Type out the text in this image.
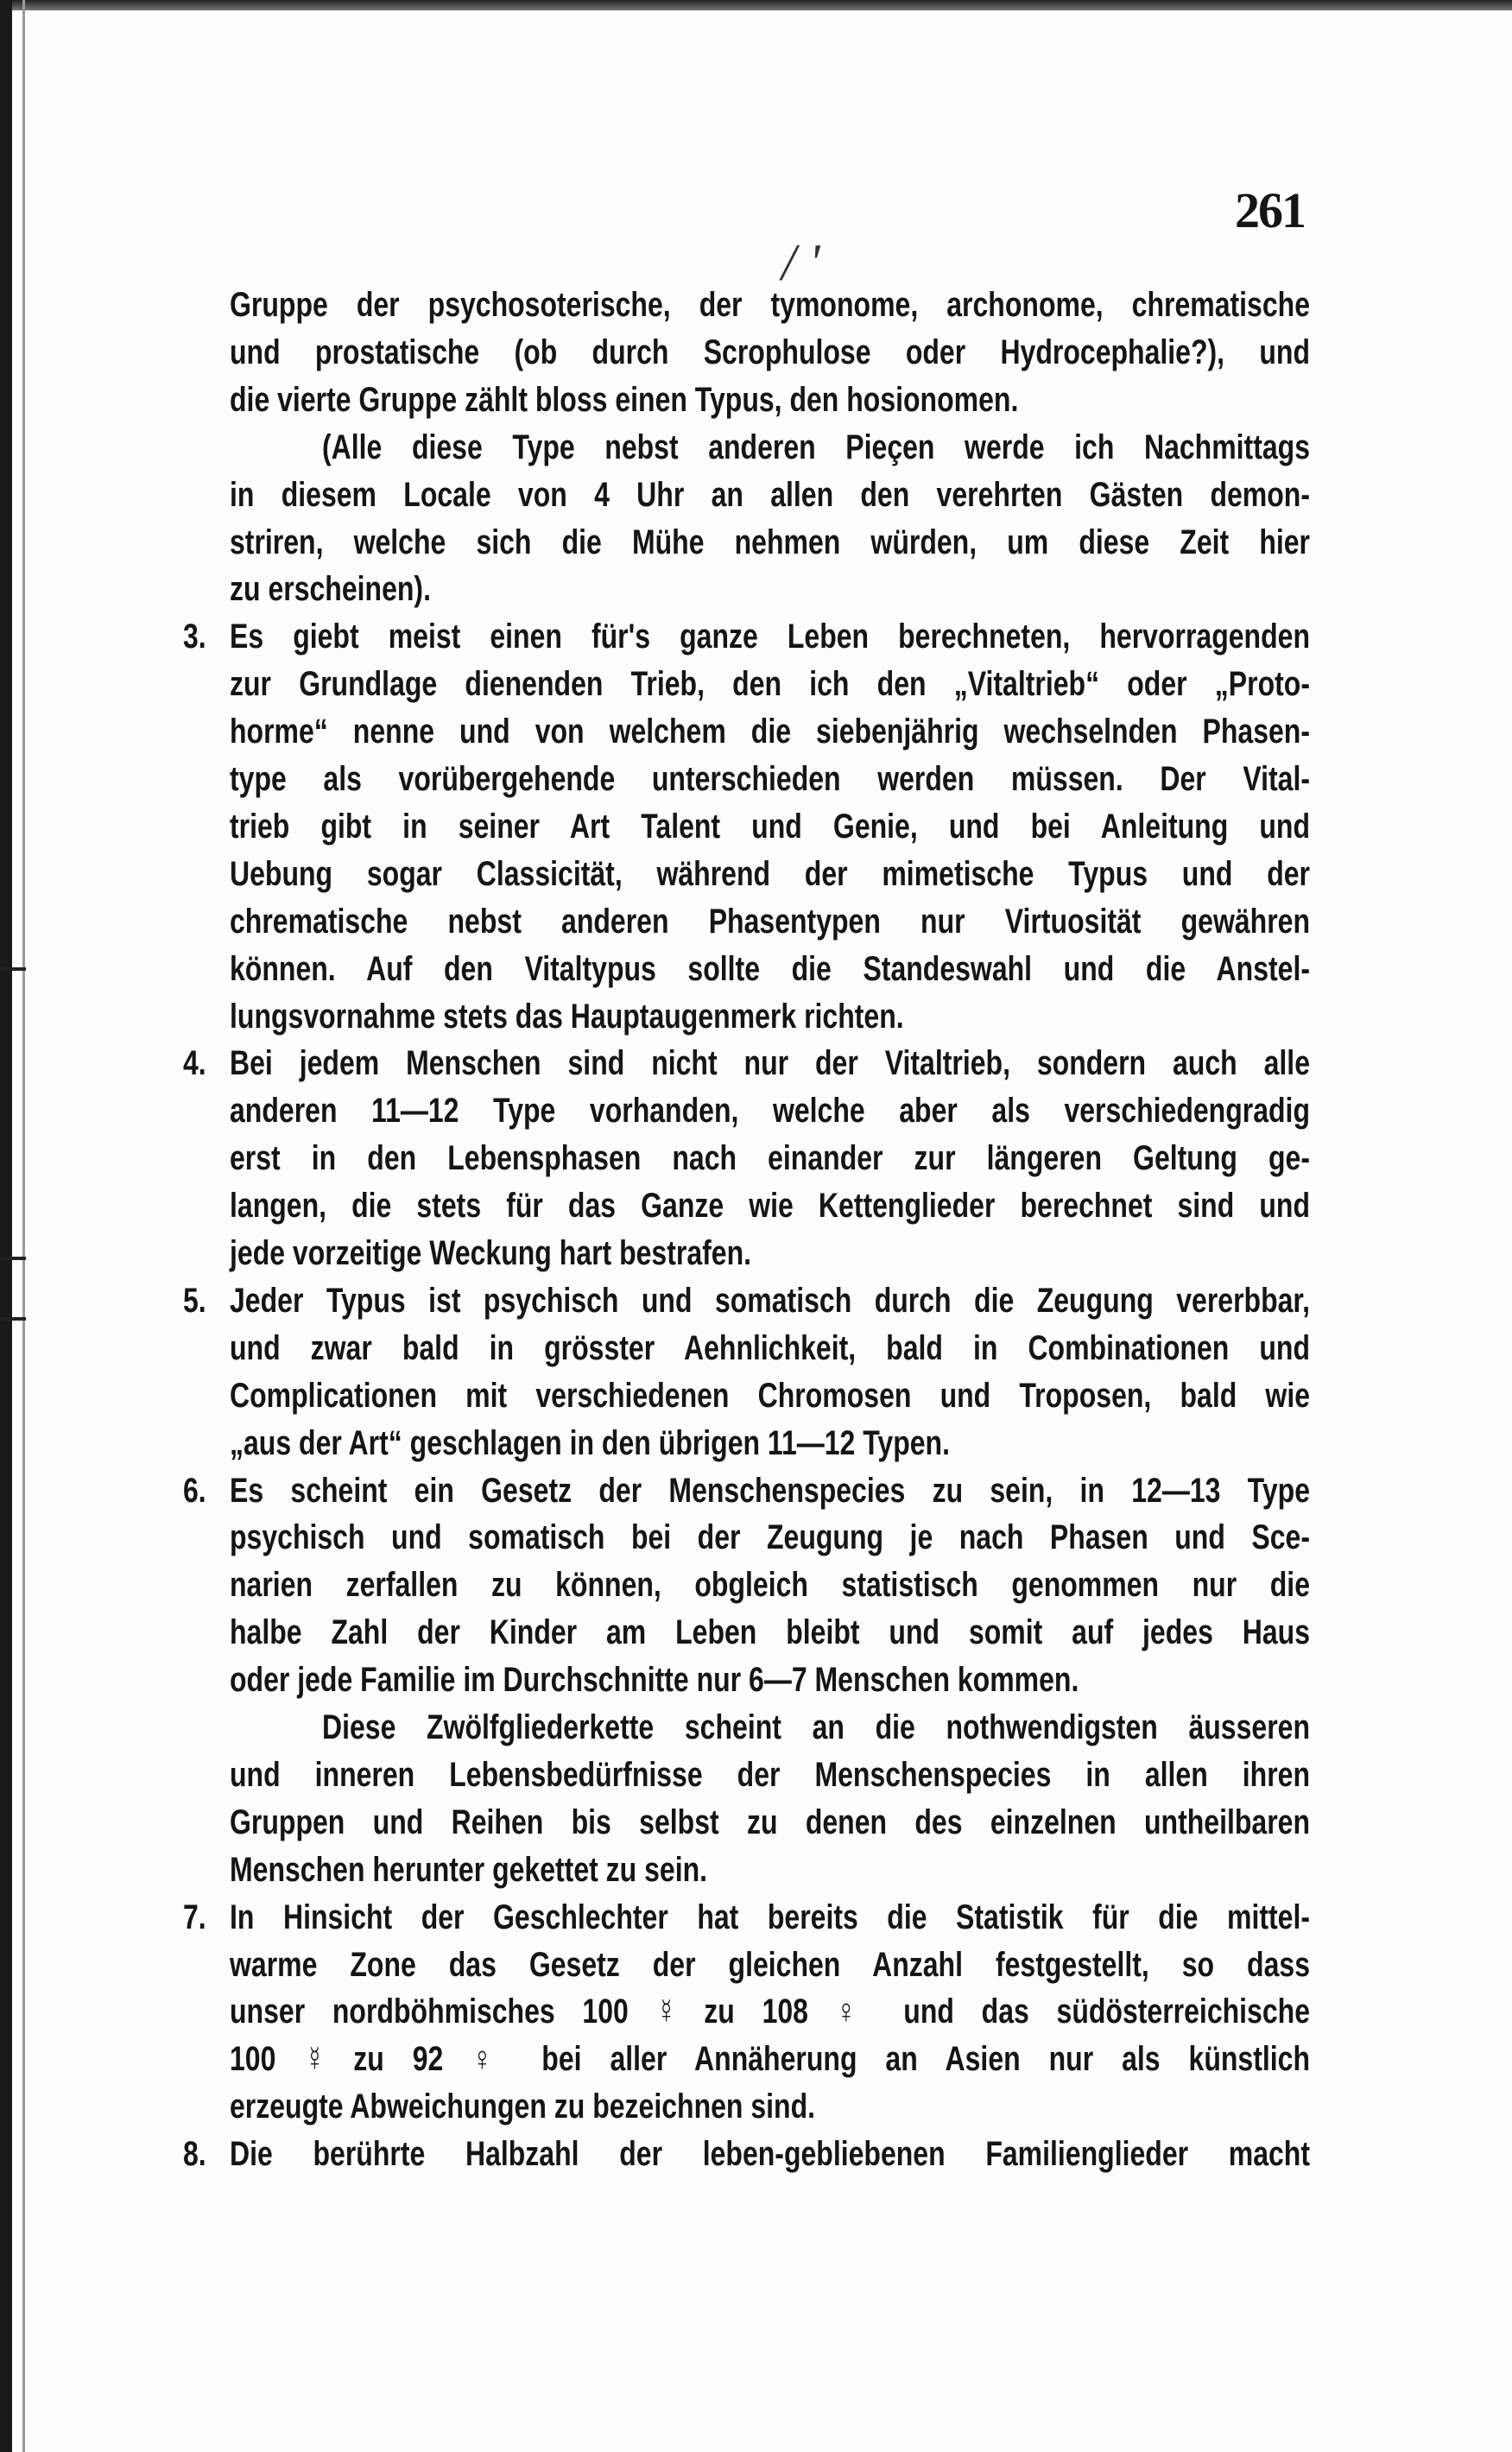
261
/ '
Gruppe der psychosoterische, der tymonome, archonome, chrematische
und prostatische (ob durch Scrophulose oder Hydrocephalie?), und
die vierte Gruppe zählt bloss einen Typus, den hosionomen.
(Alle diese Type nebst anderen Pieçen werde ich Nachmittags
in diesem Locale von 4 Uhr an allen den verehrten Gästen demon-
striren, welche sich die Mühe nehmen würden, um diese Zeit hier
zu erscheinen).
3. Es giebt meist einen für's ganze Leben berechneten, hervorragenden
zur Grundlage dienenden Trieb, den ich den „Vitaltrieb“ oder „Proto-
horme“ nenne und von welchem die siebenjährig wechselnden Phasen-
type als vorübergehende unterschieden werden müssen. Der Vital-
trieb gibt in seiner Art Talent und Genie, und bei Anleitung und
Uebung sogar Classicität, während der mimetische Typus und der
chrematische nebst anderen Phasentypen nur Virtuosität gewähren
können. Auf den Vitaltypus sollte die Standeswahl und die Anstel-
lungsvornahme stets das Hauptaugenmerk richten.
4. Bei jedem Menschen sind nicht nur der Vitaltrieb, sondern auch alle
anderen 11—12 Type vorhanden, welche aber als verschiedengradig
erst in den Lebensphasen nach einander zur längeren Geltung ge-
langen, die stets für das Ganze wie Kettenglieder berechnet sind und
jede vorzeitige Weckung hart bestrafen.
5. Jeder Typus ist psychisch und somatisch durch die Zeugung vererbbar,
und zwar bald in grösster Aehnlichkeit, bald in Combinationen und
Complicationen mit verschiedenen Chromosen und Troposen, bald wie
„aus der Art“ geschlagen in den übrigen 11—12 Typen.
6. Es scheint ein Gesetz der Menschenspecies zu sein, in 12—13 Type
psychisch und somatisch bei der Zeugung je nach Phasen und Sce-
narien zerfallen zu können, obgleich statistisch genommen nur die
halbe Zahl der Kinder am Leben bleibt und somit auf jedes Haus
oder jede Familie im Durchschnitte nur 6—7 Menschen kommen.
Diese Zwölfgliederkette scheint an die nothwendigsten äusseren
und inneren Lebensbedürfnisse der Menschenspecies in allen ihren
Gruppen und Reihen bis selbst zu denen des einzelnen untheilbaren
Menschen herunter gekettet zu sein.
7. In Hinsicht der Geschlechter hat bereits die Statistik für die mittel-
warme Zone das Gesetz der gleichen Anzahl festgestellt, so dass
unser nordböhmisches 100 ☿ zu 108 ♀ und das südösterreichische
100 ☿ zu 92 ♀ bei aller Annäherung an Asien nur als künstlich
erzeugte Abweichungen zu bezeichnen sind.
8. Die berührte Halbzahl der leben-gebliebenen Familienglieder macht
